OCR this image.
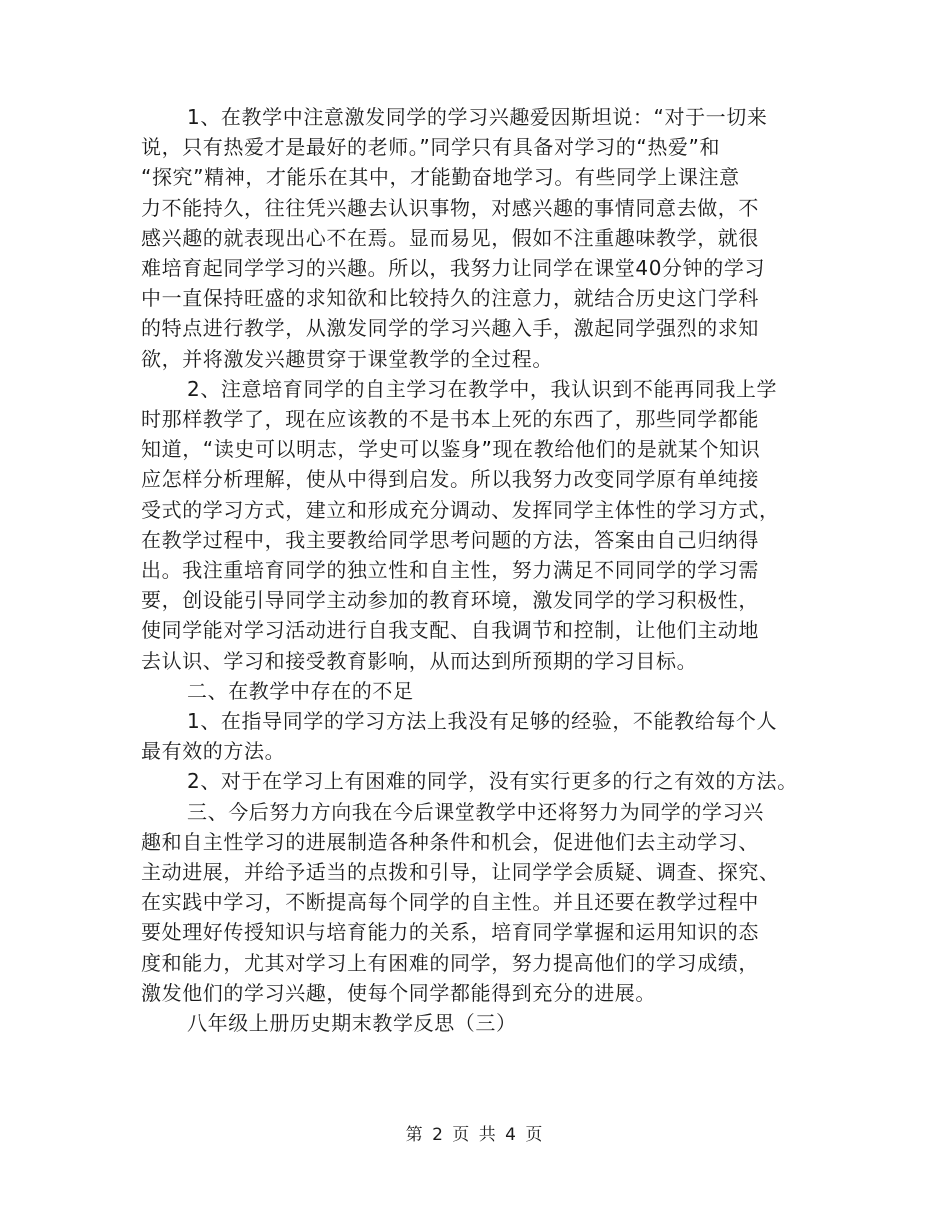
1、在教学中注意激发同学的学习兴趣爱因斯坦说：“对于一切来
说，只有热爱才是最好的老师。”同学只有具备对学习的“热爱”和
“探究”精神，才能乐在其中，才能勤奋地学习。有些同学上课注意
力不能持久，往往凭兴趣去认识事物，对感兴趣的事情同意去做，不
感兴趣的就表现出心不在焉。显而易见，假如不注重趣味教学，就很
难培育起同学学习的兴趣。所以，我努力让同学在课堂40分钟的学习
中一直保持旺盛的求知欲和比较持久的注意力，就结合历史这门学科
的特点进行教学，从激发同学的学习兴趣入手，激起同学强烈的求知
欲，并将激发兴趣贯穿于课堂教学的全过程。
2、注意培育同学的自主学习在教学中，我认识到不能再同我上学
时那样教学了，现在应该教的不是书本上死的东西了，那些同学都能
知道，“读史可以明志，学史可以鉴身”现在教给他们的是就某个知识
应怎样分析理解，使从中得到启发。所以我努力改变同学原有单纯接
受式的学习方式，建立和形成充分调动、发挥同学主体性的学习方式，
在教学过程中，我主要教给同学思考问题的方法，答案由自己归纳得
出。我注重培育同学的独立性和自主性，努力满足不同同学的学习需
要，创设能引导同学主动参加的教育环境，激发同学的学习积极性，
使同学能对学习活动进行自我支配、自我调节和控制，让他们主动地
去认识、学习和接受教育影响，从而达到所预期的学习目标。
二、在教学中存在的不足
1、在指导同学的学习方法上我没有足够的经验，不能教给每个人
最有效的方法。
2、对于在学习上有困难的同学，没有实行更多的行之有效的方法。
三、今后努力方向我在今后课堂教学中还将努力为同学的学习兴
趣和自主性学习的进展制造各种条件和机会，促进他们去主动学习、
主动进展，并给予适当的点拨和引导，让同学学会质疑、调查、探究、
在实践中学习，不断提高每个同学的自主性。并且还要在教学过程中
要处理好传授知识与培育能力的关系，培育同学掌握和运用知识的态
度和能力，尤其对学习上有困难的同学，努力提高他们的学习成绩，
激发他们的学习兴趣，使每个同学都能得到充分的进展。
八年级上册历史期末教学反思（三）
第 2 页 共 4 页
